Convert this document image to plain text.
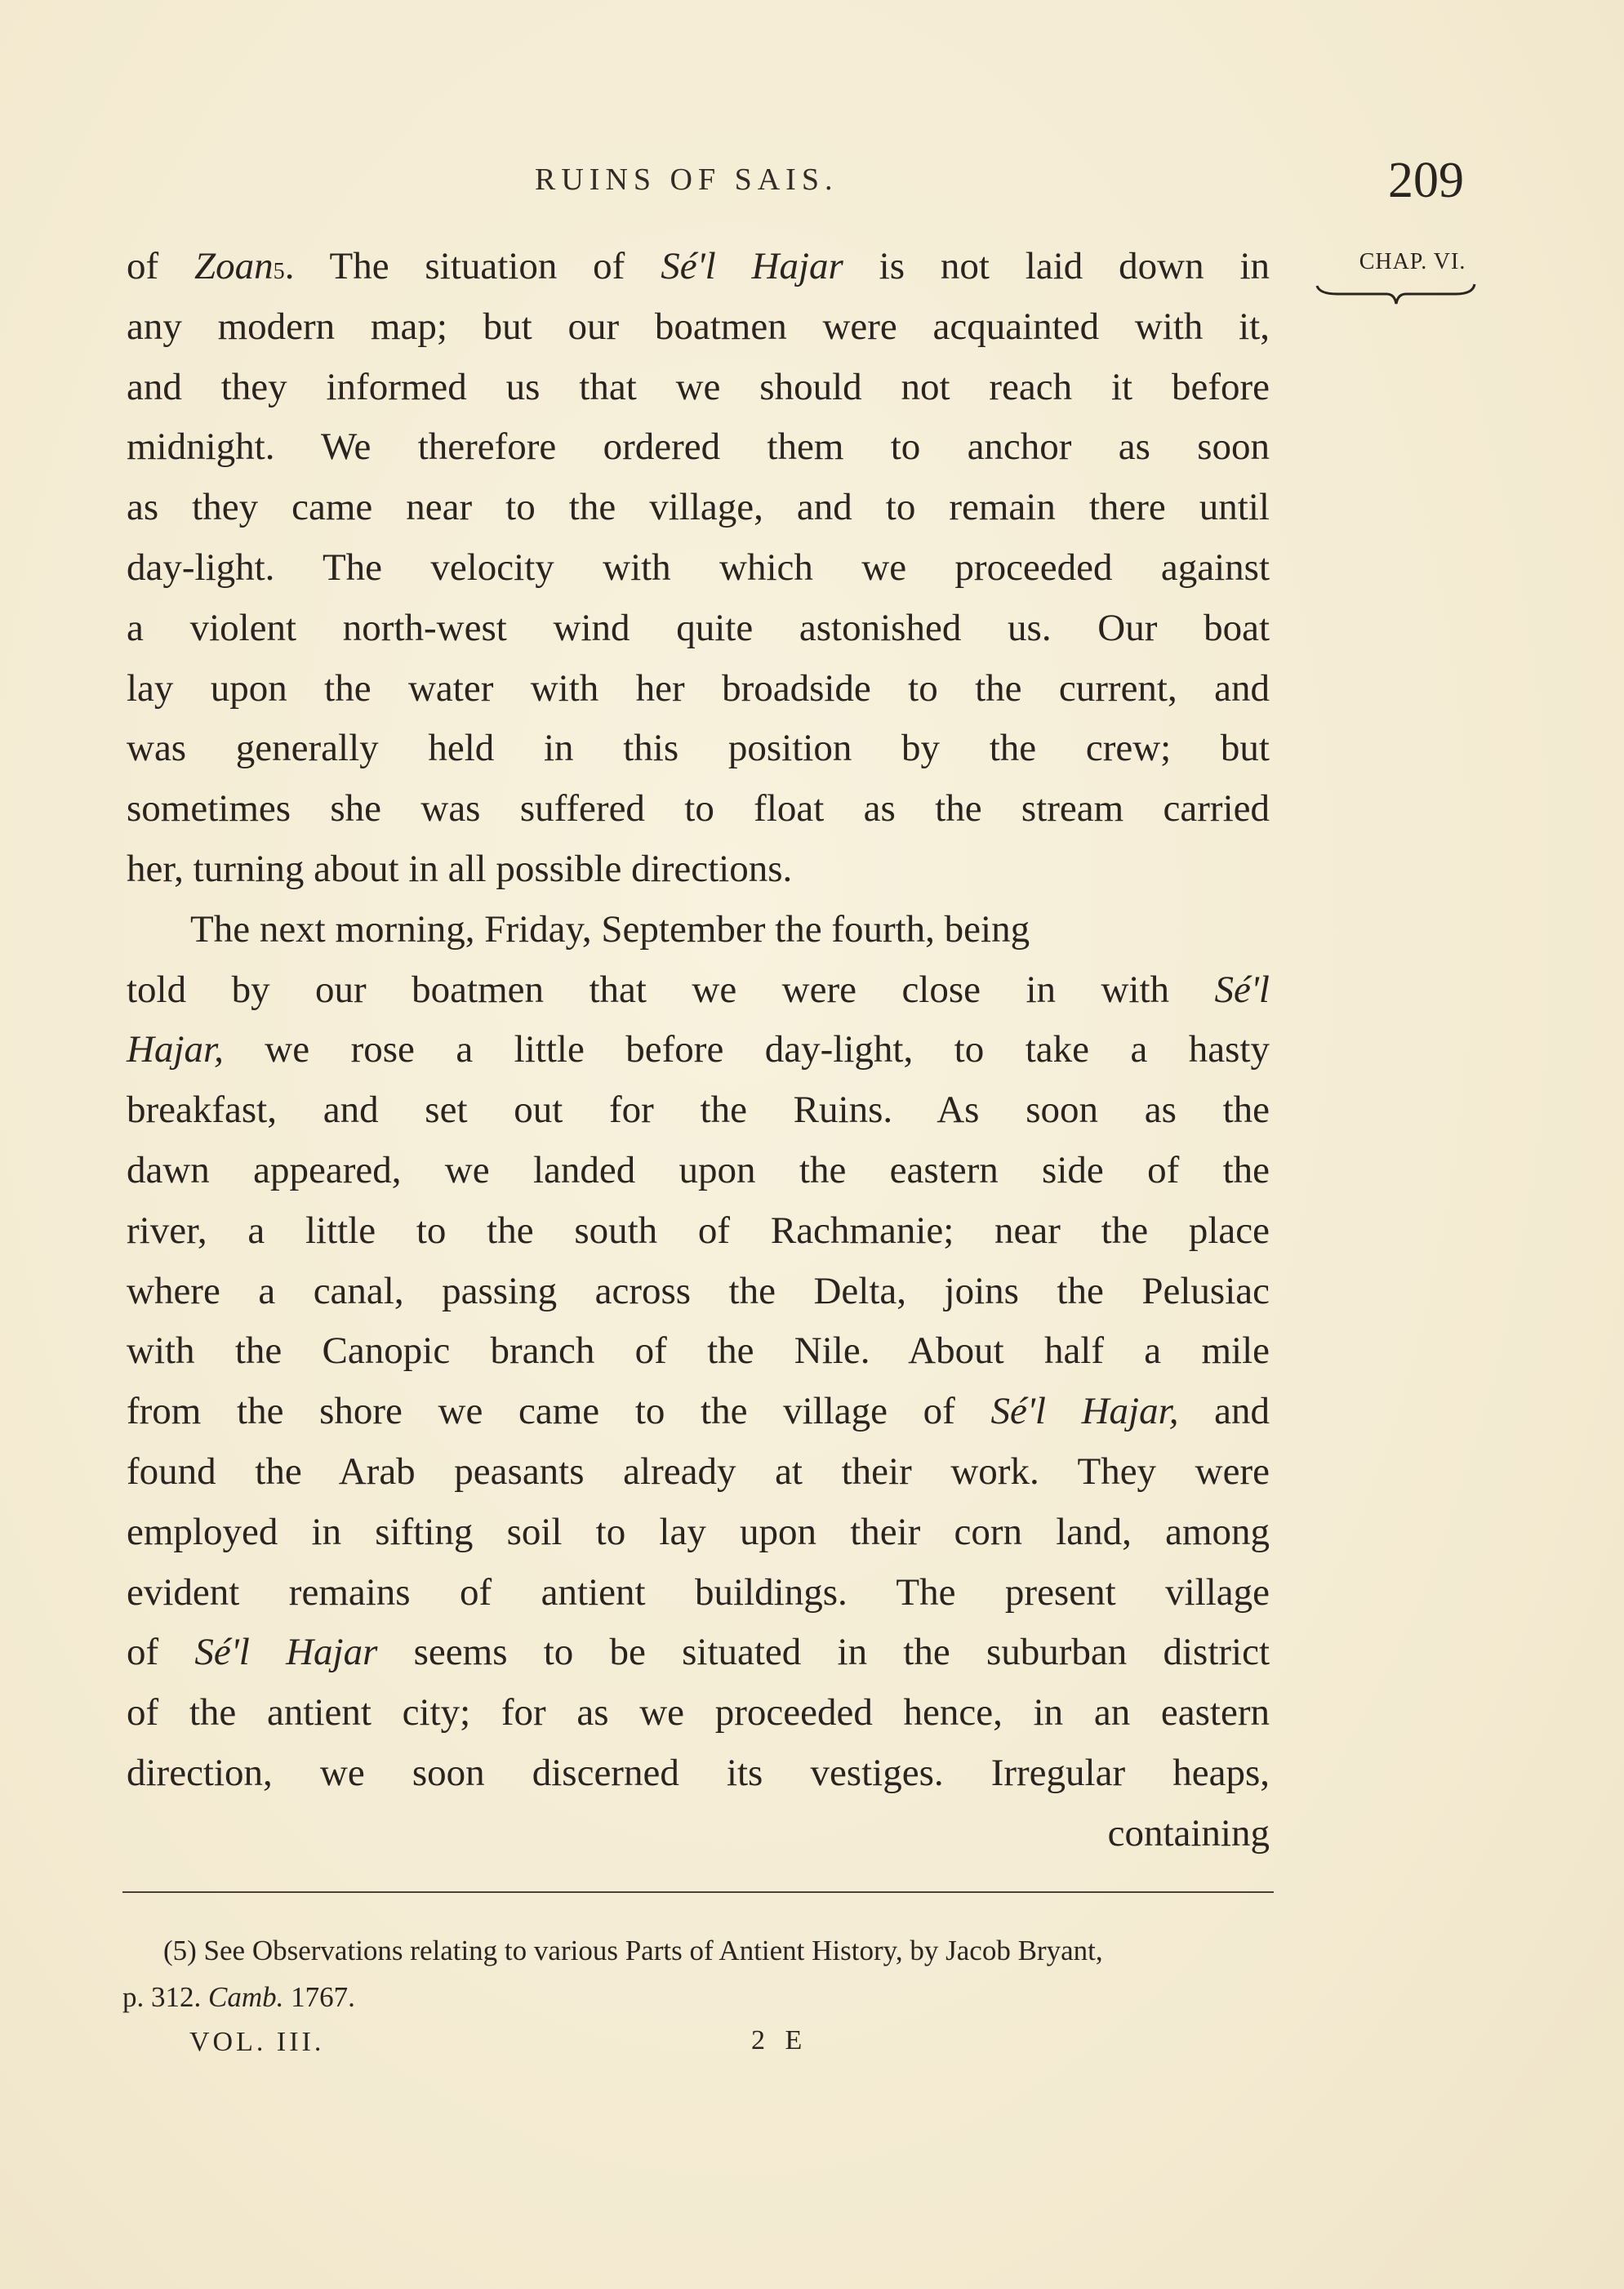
RUINS OF SAIS.	209
CHAP. VI.
of Zoan$^5$. The situation of Sé'l Hajar is not laid down in
any modern map; but our boatmen were acquainted with it,
and they informed us that we should not reach it before
midnight. We therefore ordered them to anchor as soon
as they came near to the village, and to remain there until
day-light. The velocity with which we proceeded against
a violent north-west wind quite astonished us. Our boat
lay upon the water with her broadside to the current, and
was generally held in this position by the crew; but
sometimes she was suffered to float as the stream carried
her, turning about in all possible directions.
The next morning, Friday, September the fourth, being
told by our boatmen that we were close in with Sé'l
Hajar, we rose a little before day-light, to take a hasty
breakfast, and set out for the Ruins. As soon as the
dawn appeared, we landed upon the eastern side of the
river, a little to the south of Rachmanie; near the place
where a canal, passing across the Delta, joins the Pelusiac
with the Canopic branch of the Nile. About half a mile
from the shore we came to the village of Sé'l Hajar, and
found the Arab peasants already at their work. They were
employed in sifting soil to lay upon their corn land, among
evident remains of antient buildings. The present village
of Sé'l Hajar seems to be situated in the suburban district
of the antient city; for as we proceeded hence, in an eastern
direction, we soon discerned its vestiges. Irregular heaps,
containing
(5) See Observations relating to various Parts of Antient History, by Jacob Bryant,
p. 312. Camb. 1767.
VOL. III.	2 E
